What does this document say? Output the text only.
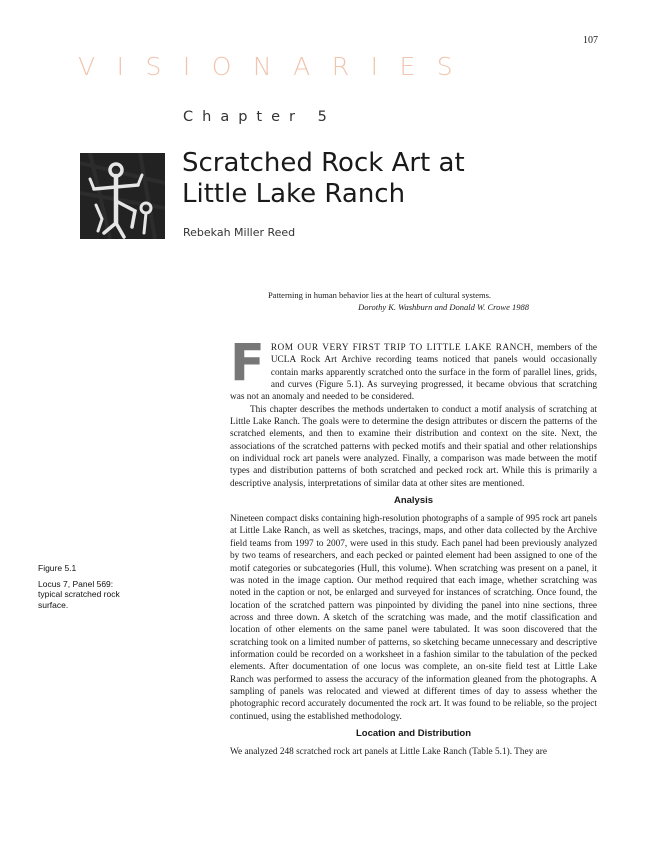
107
VISIONARIES
Chapter 5
Scratched Rock Art at
Little Lake Ranch
Rebekah Miller Reed
Patterning in human behavior lies at the heart of cultural systems.
Dorothy K. Washburn and Donald W. Crowe 1988
Figure 5.1
Locus 7, Panel 569: typical scratched rock surface.

FROM OUR VERY FIRST TRIP TO LITTLE LAKE RANCH, members of the UCLA Rock Art Archive recording teams noticed that panels would occasionally contain marks apparently scratched onto the surface in the form of parallel lines, grids, and curves (Figure 5.1). As surveying progressed, it became obvious that scratching was not an anomaly and needed to be considered.

This chapter describes the methods undertaken to conduct a motif analysis of scratching at Little Lake Ranch. The goals were to determine the design attributes or discern the patterns of the scratched elements, and then to examine their distribution and context on the site. Next, the associations of the scratched patterns with pecked motifs and their spatial and other relationships on individual rock art panels were analyzed. Finally, a comparison was made between the motif types and distribution patterns of both scratched and pecked rock art. While this is primarily a descriptive analysis, interpretations of similar data at other sites are mentioned.

Analysis

Nineteen compact disks containing high-resolution photographs of a sample of 995 rock art panels at Little Lake Ranch, as well as sketches, tracings, maps, and other data collected by the Archive field teams from 1997 to 2007, were used in this study. Each panel had been previously analyzed by two teams of researchers, and each pecked or painted element had been assigned to one of the motif categories or subcategories (Hull, this volume). When scratching was present on a panel, it was noted in the image caption. Our method required that each image, whether scratching was noted in the caption or not, be enlarged and surveyed for instances of scratching. Once found, the location of the scratched pattern was pinpointed by dividing the panel into nine sections, three across and three down. A sketch of the scratching was made, and the motif classification and location of other elements on the same panel were tabulated. It was soon discovered that the scratching took on a limited number of patterns, so sketching became unnecessary and descriptive information could be recorded on a worksheet in a fashion similar to the tabulation of the pecked elements. After documentation of one locus was complete, an on-site field test at Little Lake Ranch was performed to assess the accuracy of the information gleaned from the photographs. A sampling of panels was relocated and viewed at different times of day to assess whether the photographic record accurately documented the rock art. It was found to be reliable, so the project continued, using the established methodology.

Location and Distribution

We analyzed 248 scratched rock art panels at Little Lake Ranch (Table 5.1). They are
